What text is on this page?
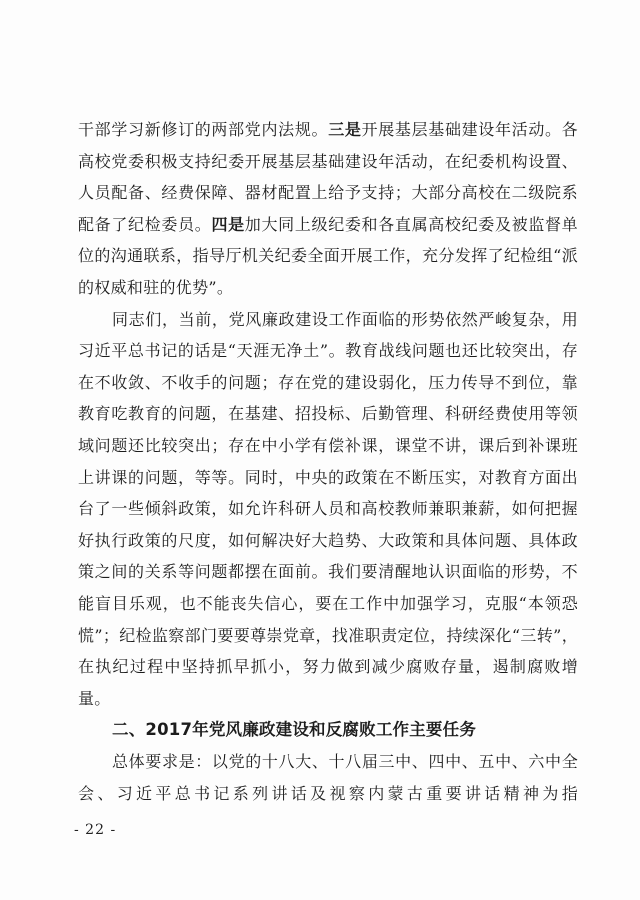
干部学习新修订的两部党内法规。三是开展基层基础建设年活动。各高校党委积极支持纪委开展基层基础建设年活动，在纪委机构设置、人员配备、经费保障、器材配置上给予支持；大部分高校在二级院系配备了纪检委员。四是加大同上级纪委和各直属高校纪委及被监督单位的沟通联系，指导厅机关纪委全面开展工作，充分发挥了纪检组“派的权威和驻的优势”。

同志们，当前，党风廉政建设工作面临的形势依然严峻复杂，用习近平总书记的话是“天涯无净土”。教育战线问题也还比较突出，存在不收敛、不收手的问题；存在党的建设弱化，压力传导不到位，靠教育吃教育的问题，在基建、招投标、后勤管理、科研经费使用等领域问题还比较突出；存在中小学有偿补课，课堂不讲，课后到补课班上讲课的问题，等等。同时，中央的政策在不断压实，对教育方面出台了一些倾斜政策，如允许科研人员和高校教师兼职兼薪，如何把握好执行政策的尺度，如何解决好大趋势、大政策和具体问题、具体政策之间的关系等问题都摆在面前。我们要清醒地认识面临的形势，不能盲目乐观，也不能丧失信心，要在工作中加强学习，克服“本领恐慌”；纪检监察部门要要尊崇党章，找准职责定位，持续深化“三转”，在执纪过程中坚持抓早抓小，努力做到减少腐败存量，遏制腐败增量。

二、2017年党风廉政建设和反腐败工作主要任务

总体要求是：以党的十八大、十八届三中、四中、五中、六中全会、习近平总书记系列讲话及视察内蒙古重要讲话精神为指

- 22 -
